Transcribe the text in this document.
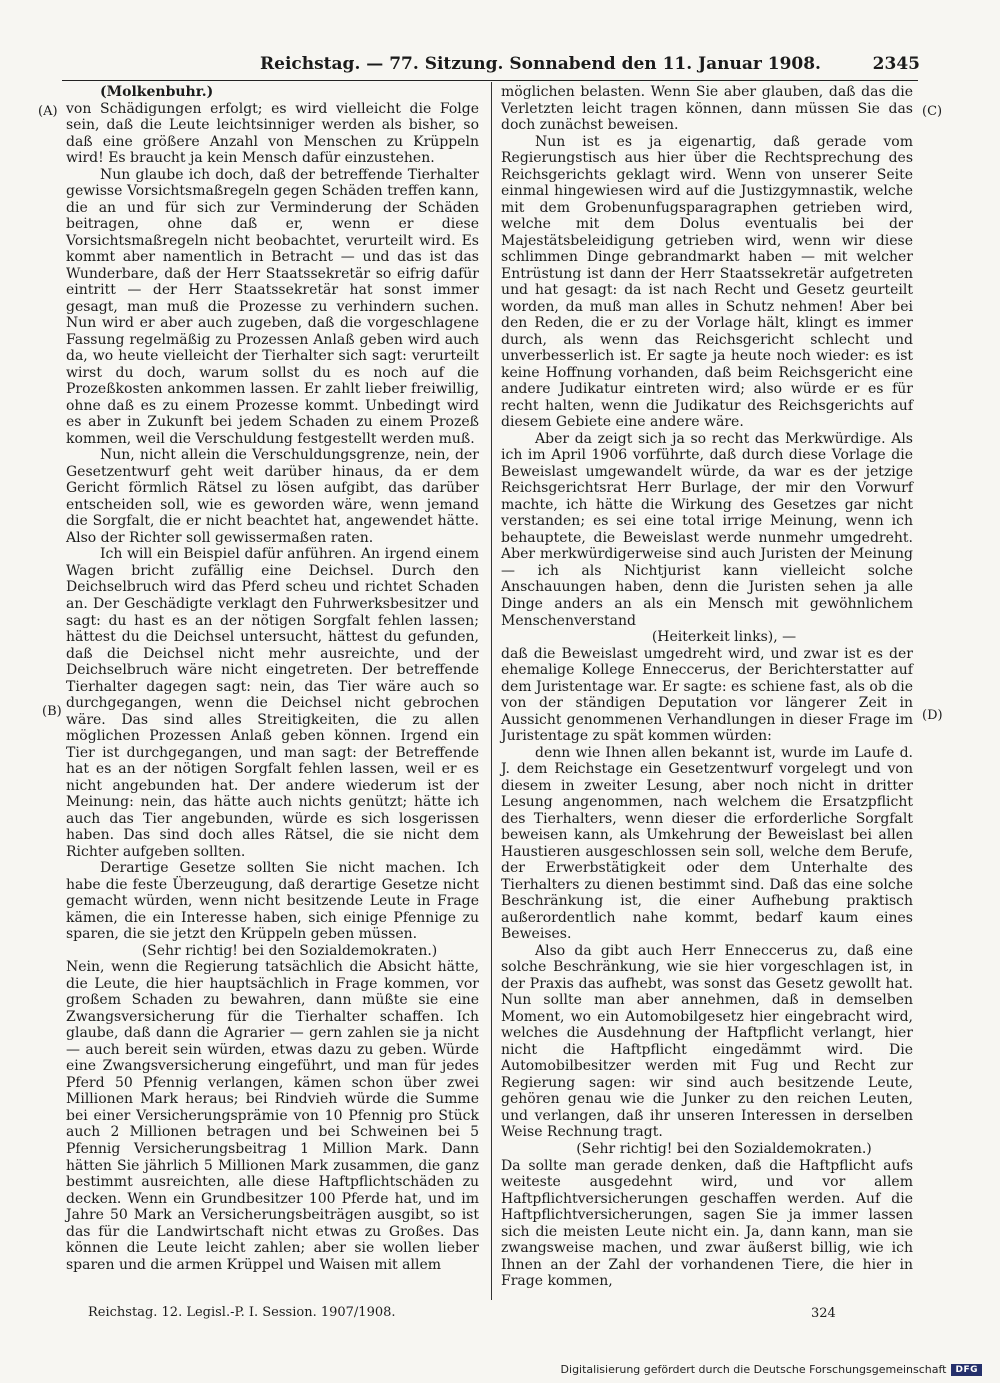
Reichstag. — 77. Sitzung. Sonnabend den 11. Januar 1908.	2345
(A)
(B)
(C)
(D)

(Molkenbuhr.)

von Schädigungen erfolgt; es wird vielleicht die Folge sein, daß die Leute leichtsinniger werden als bisher, so daß eine größere Anzahl von Menschen zu Krüppeln wird! Es braucht ja kein Mensch dafür einzustehen.

Nun glaube ich doch, daß der betreffende Tierhalter gewisse Vorsichtsmaßregeln gegen Schäden treffen kann, die an und für sich zur Verminderung der Schäden beitragen, ohne daß er, wenn er diese Vorsichtsmaßregeln nicht beobachtet, verurteilt wird. Es kommt aber namentlich in Betracht — und das ist das Wunderbare, daß der Herr Staatssekretär so eifrig dafür eintritt — der Herr Staatssekretär hat sonst immer gesagt, man muß die Prozesse zu verhindern suchen. Nun wird er aber auch zugeben, daß die vorgeschlagene Fassung regelmäßig zu Prozessen Anlaß geben wird auch da, wo heute vielleicht der Tierhalter sich sagt: verurteilt wirst du doch, warum sollst du es noch auf die Prozeßkosten ankommen lassen. Er zahlt lieber freiwillig, ohne daß es zu einem Prozesse kommt. Unbedingt wird es aber in Zukunft bei jedem Schaden zu einem Prozeß kommen, weil die Verschuldung festgestellt werden muß.

Nun, nicht allein die Verschuldungsgrenze, nein, der Gesetzentwurf geht weit darüber hinaus, da er dem Gericht förmlich Rätsel zu lösen aufgibt, das darüber entscheiden soll, wie es geworden wäre, wenn jemand die Sorgfalt, die er nicht beachtet hat, angewendet hätte. Also der Richter soll gewissermaßen raten.

Ich will ein Beispiel dafür anführen. An irgend einem Wagen bricht zufällig eine Deichsel. Durch den Deichselbruch wird das Pferd scheu und richtet Schaden an. Der Geschädigte verklagt den Fuhrwerksbesitzer und sagt: du hast es an der nötigen Sorgfalt fehlen lassen; hättest du die Deichsel untersucht, hättest du gefunden, daß die Deichsel nicht mehr ausreichte, und der Deichselbruch wäre nicht eingetreten. Der betreffende Tierhalter dagegen sagt: nein, das Tier wäre auch so durchgegangen, wenn die Deichsel nicht gebrochen wäre. Das sind alles Streitigkeiten, die zu allen möglichen Prozessen Anlaß geben können. Irgend ein Tier ist durchgegangen, und man sagt: der Betreffende hat es an der nötigen Sorgfalt fehlen lassen, weil er es nicht angebunden hat. Der andere wiederum ist der Meinung: nein, das hätte auch nichts genützt; hätte ich auch das Tier angebunden, würde es sich losgerissen haben. Das sind doch alles Rätsel, die sie nicht dem Richter aufgeben sollten.

Derartige Gesetze sollten Sie nicht machen. Ich habe die feste Überzeugung, daß derartige Gesetze nicht gemacht würden, wenn nicht besitzende Leute in Frage kämen, die ein Interesse haben, sich einige Pfennige zu sparen, die sie jetzt den Krüppeln geben müssen.

(Sehr richtig! bei den Sozialdemokraten.)

Nein, wenn die Regierung tatsächlich die Absicht hätte, die Leute, die hier hauptsächlich in Frage kommen, vor großem Schaden zu bewahren, dann müßte sie eine Zwangsversicherung für die Tierhalter schaffen. Ich glaube, daß dann die Agrarier — gern zahlen sie ja nicht — auch bereit sein würden, etwas dazu zu geben. Würde eine Zwangsversicherung eingeführt, und man für jedes Pferd 50 Pfennig verlangen, kämen schon über zwei Millionen Mark heraus; bei Rindvieh würde die Summe bei einer Versicherungsprämie von 10 Pfennig pro Stück auch 2 Millionen betragen und bei Schweinen bei 5 Pfennig Versicherungsbeitrag 1 Million Mark. Dann hätten Sie jährlich 5 Millionen Mark zusammen, die ganz bestimmt ausreichten, alle diese Haftpflichtschäden zu decken. Wenn ein Grundbesitzer 100 Pferde hat, und im Jahre 50 Mark an Versicherungsbeiträgen ausgibt, so ist das für die Landwirtschaft nicht etwas zu Großes. Das können die Leute leicht zahlen; aber sie wollen lieber sparen und die armen Krüppel und Waisen mit allem

möglichen belasten. Wenn Sie aber glauben, daß das die Verletzten leicht tragen können, dann müssen Sie das doch zunächst beweisen.

Nun ist es ja eigenartig, daß gerade vom Regierungstisch aus hier über die Rechtsprechung des Reichsgerichts geklagt wird. Wenn von unserer Seite einmal hingewiesen wird auf die Justizgymnastik, welche mit dem Grobenunfugsparagraphen getrieben wird, welche mit dem Dolus eventualis bei der Majestätsbeleidigung getrieben wird, wenn wir diese schlimmen Dinge gebrandmarkt haben — mit welcher Entrüstung ist dann der Herr Staatssekretär aufgetreten und hat gesagt: da ist nach Recht und Gesetz geurteilt worden, da muß man alles in Schutz nehmen! Aber bei den Reden, die er zu der Vorlage hält, klingt es immer durch, als wenn das Reichsgericht schlecht und unverbesserlich ist. Er sagte ja heute noch wieder: es ist keine Hoffnung vorhanden, daß beim Reichsgericht eine andere Judikatur eintreten wird; also würde er es für recht halten, wenn die Judikatur des Reichsgerichts auf diesem Gebiete eine andere wäre.

Aber da zeigt sich ja so recht das Merkwürdige. Als ich im April 1906 vorführte, daß durch diese Vorlage die Beweislast umgewandelt würde, da war es der jetzige Reichsgerichtsrat Herr Burlage, der mir den Vorwurf machte, ich hätte die Wirkung des Gesetzes gar nicht verstanden; es sei eine total irrige Meinung, wenn ich behauptete, die Beweislast werde nunmehr umgedreht. Aber merkwürdigerweise sind auch Juristen der Meinung — ich als Nichtjurist kann vielleicht solche Anschauungen haben, denn die Juristen sehen ja alle Dinge anders an als ein Mensch mit gewöhnlichem Menschenverstand

(Heiterkeit links), —

daß die Beweislast umgedreht wird, und zwar ist es der ehemalige Kollege Enneccerus, der Berichterstatter auf dem Juristentage war. Er sagte: es schiene fast, als ob die von der ständigen Deputation vor längerer Zeit in Aussicht genommenen Verhandlungen in dieser Frage im Juristentage zu spät kommen würden:

denn wie Ihnen allen bekannt ist, wurde im Laufe d. J. dem Reichstage ein Gesetzentwurf vorgelegt und von diesem in zweiter Lesung, aber noch nicht in dritter Lesung angenommen, nach welchem die Ersatzpflicht des Tierhalters, wenn dieser die erforderliche Sorgfalt beweisen kann, als Umkehrung der Beweislast bei allen Haustieren ausgeschlossen sein soll, welche dem Berufe, der Erwerbstätigkeit oder dem Unterhalte des Tierhalters zu dienen bestimmt sind. Daß das eine solche Beschränkung ist, die einer Aufhebung praktisch außerordentlich nahe kommt, bedarf kaum eines Beweises.

Also da gibt auch Herr Enneccerus zu, daß eine solche Beschränkung, wie sie hier vorgeschlagen ist, in der Praxis das aufhebt, was sonst das Gesetz gewollt hat. Nun sollte man aber annehmen, daß in demselben Moment, wo ein Automobilgesetz hier eingebracht wird, welches die Ausdehnung der Haftpflicht verlangt, hier nicht die Haftpflicht eingedämmt wird. Die Automobilbesitzer werden mit Fug und Recht zur Regierung sagen: wir sind auch besitzende Leute, gehören genau wie die Junker zu den reichen Leuten, und verlangen, daß ihr unseren Interessen in derselben Weise Rechnung tragt.

(Sehr richtig! bei den Sozialdemokraten.)

Da sollte man gerade denken, daß die Haftpflicht aufs weiteste ausgedehnt wird, und vor allem Haftpflichtversicherungen geschaffen werden. Auf die Haftpflichtversicherungen, sagen Sie ja immer lassen sich die meisten Leute nicht ein. Ja, dann kann, man sie zwangsweise machen, und zwar äußerst billig, wie ich Ihnen an der Zahl der vorhandenen Tiere, die hier in Frage kommen,

Reichstag. 12. Legisl.-P. I. Session. 1907/1908.	324
Digitalisierung gefördert durch die Deutsche Forschungsgemeinschaft	DFG
